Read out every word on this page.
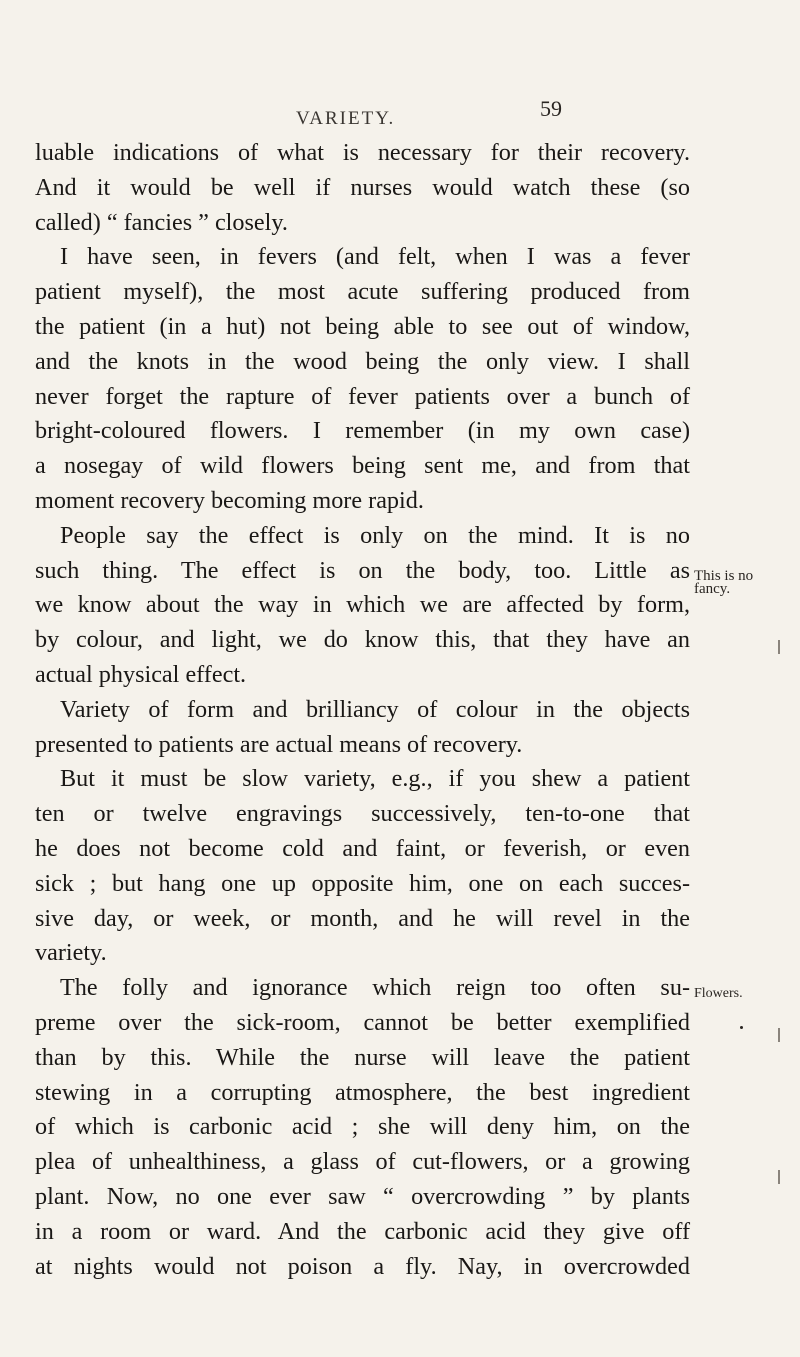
VARIETY.	59
luable indications of what is necessary for their recovery.
And it would be well if nurses would watch these (so
called) “ fancies ” closely.
I have seen, in fevers (and felt, when I was a fever
patient myself), the most acute suffering produced from
the patient (in a hut) not being able to see out of window,
and the knots in the wood being the only view. I shall
never forget the rapture of fever patients over a bunch of
bright-coloured flowers. I remember (in my own case)
a nosegay of wild flowers being sent me, and from that
moment recovery becoming more rapid.
People say the effect is only on the mind. It is no
such thing. The effect is on the body, too. Little as
we know about the way in which we are affected by form,
by colour, and light, we do know this, that they have an
actual physical effect.
Variety of form and brilliancy of colour in the objects
presented to patients are actual means of recovery.
But it must be slow variety, e.g., if you shew a patient
ten or twelve engravings successively, ten-to-one that
he does not become cold and faint, or feverish, or even
sick ; but hang one up opposite him, one on each succes-
sive day, or week, or month, and he will revel in the
variety.
The folly and ignorance which reign too often su-
preme over the sick-room, cannot be better exemplified
than by this. While the nurse will leave the patient
stewing in a corrupting atmosphere, the best ingredient
of which is carbonic acid ; she will deny him, on the
plea of unhealthiness, a glass of cut-flowers, or a growing
plant. Now, no one ever saw “ overcrowding ” by plants
in a room or ward. And the carbonic acid they give off
at nights would not poison a fly. Nay, in overcrowded
This is no
fancy.
Flowers.
